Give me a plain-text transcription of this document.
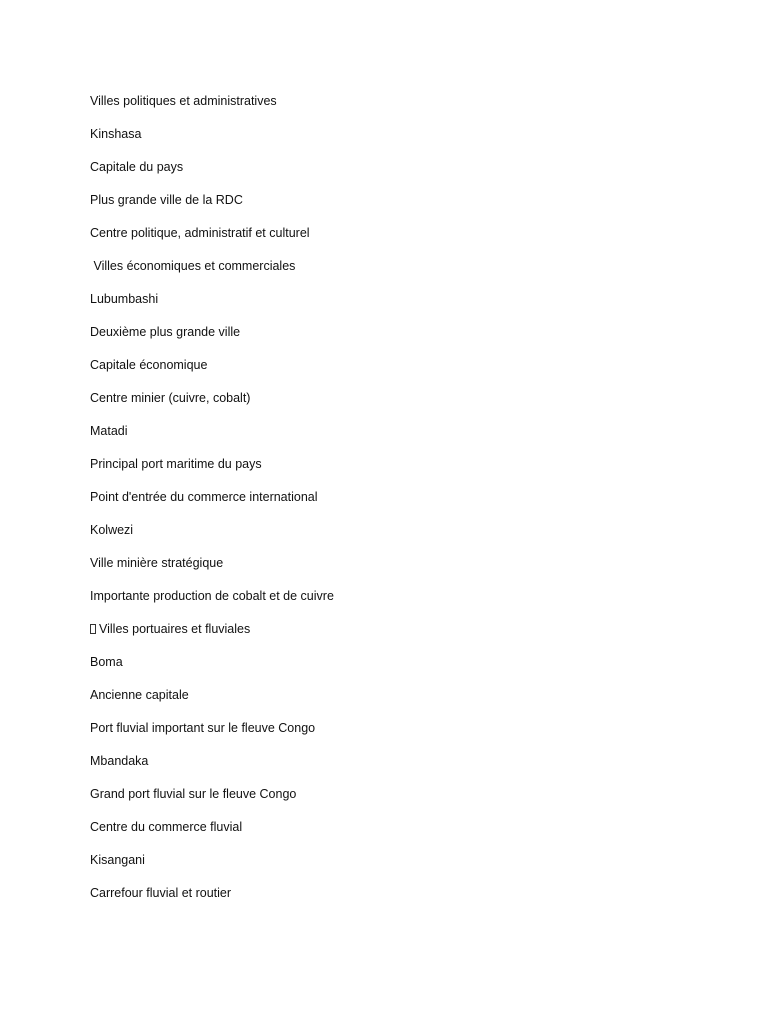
Villes politiques et administratives
Kinshasa
Capitale du pays
Plus grande ville de la RDC
Centre politique, administratif et culturel
Villes économiques et commerciales
Lubumbashi
Deuxième plus grande ville
Capitale économique
Centre minier (cuivre, cobalt)
Matadi
Principal port maritime du pays
Point d'entrée du commerce international
Kolwezi
Ville minière stratégique
Importante production de cobalt et de cuivre
Villes portuaires et fluviales
Boma
Ancienne capitale
Port fluvial important sur le fleuve Congo
Mbandaka
Grand port fluvial sur le fleuve Congo
Centre du commerce fluvial
Kisangani
Carrefour fluvial et routier
